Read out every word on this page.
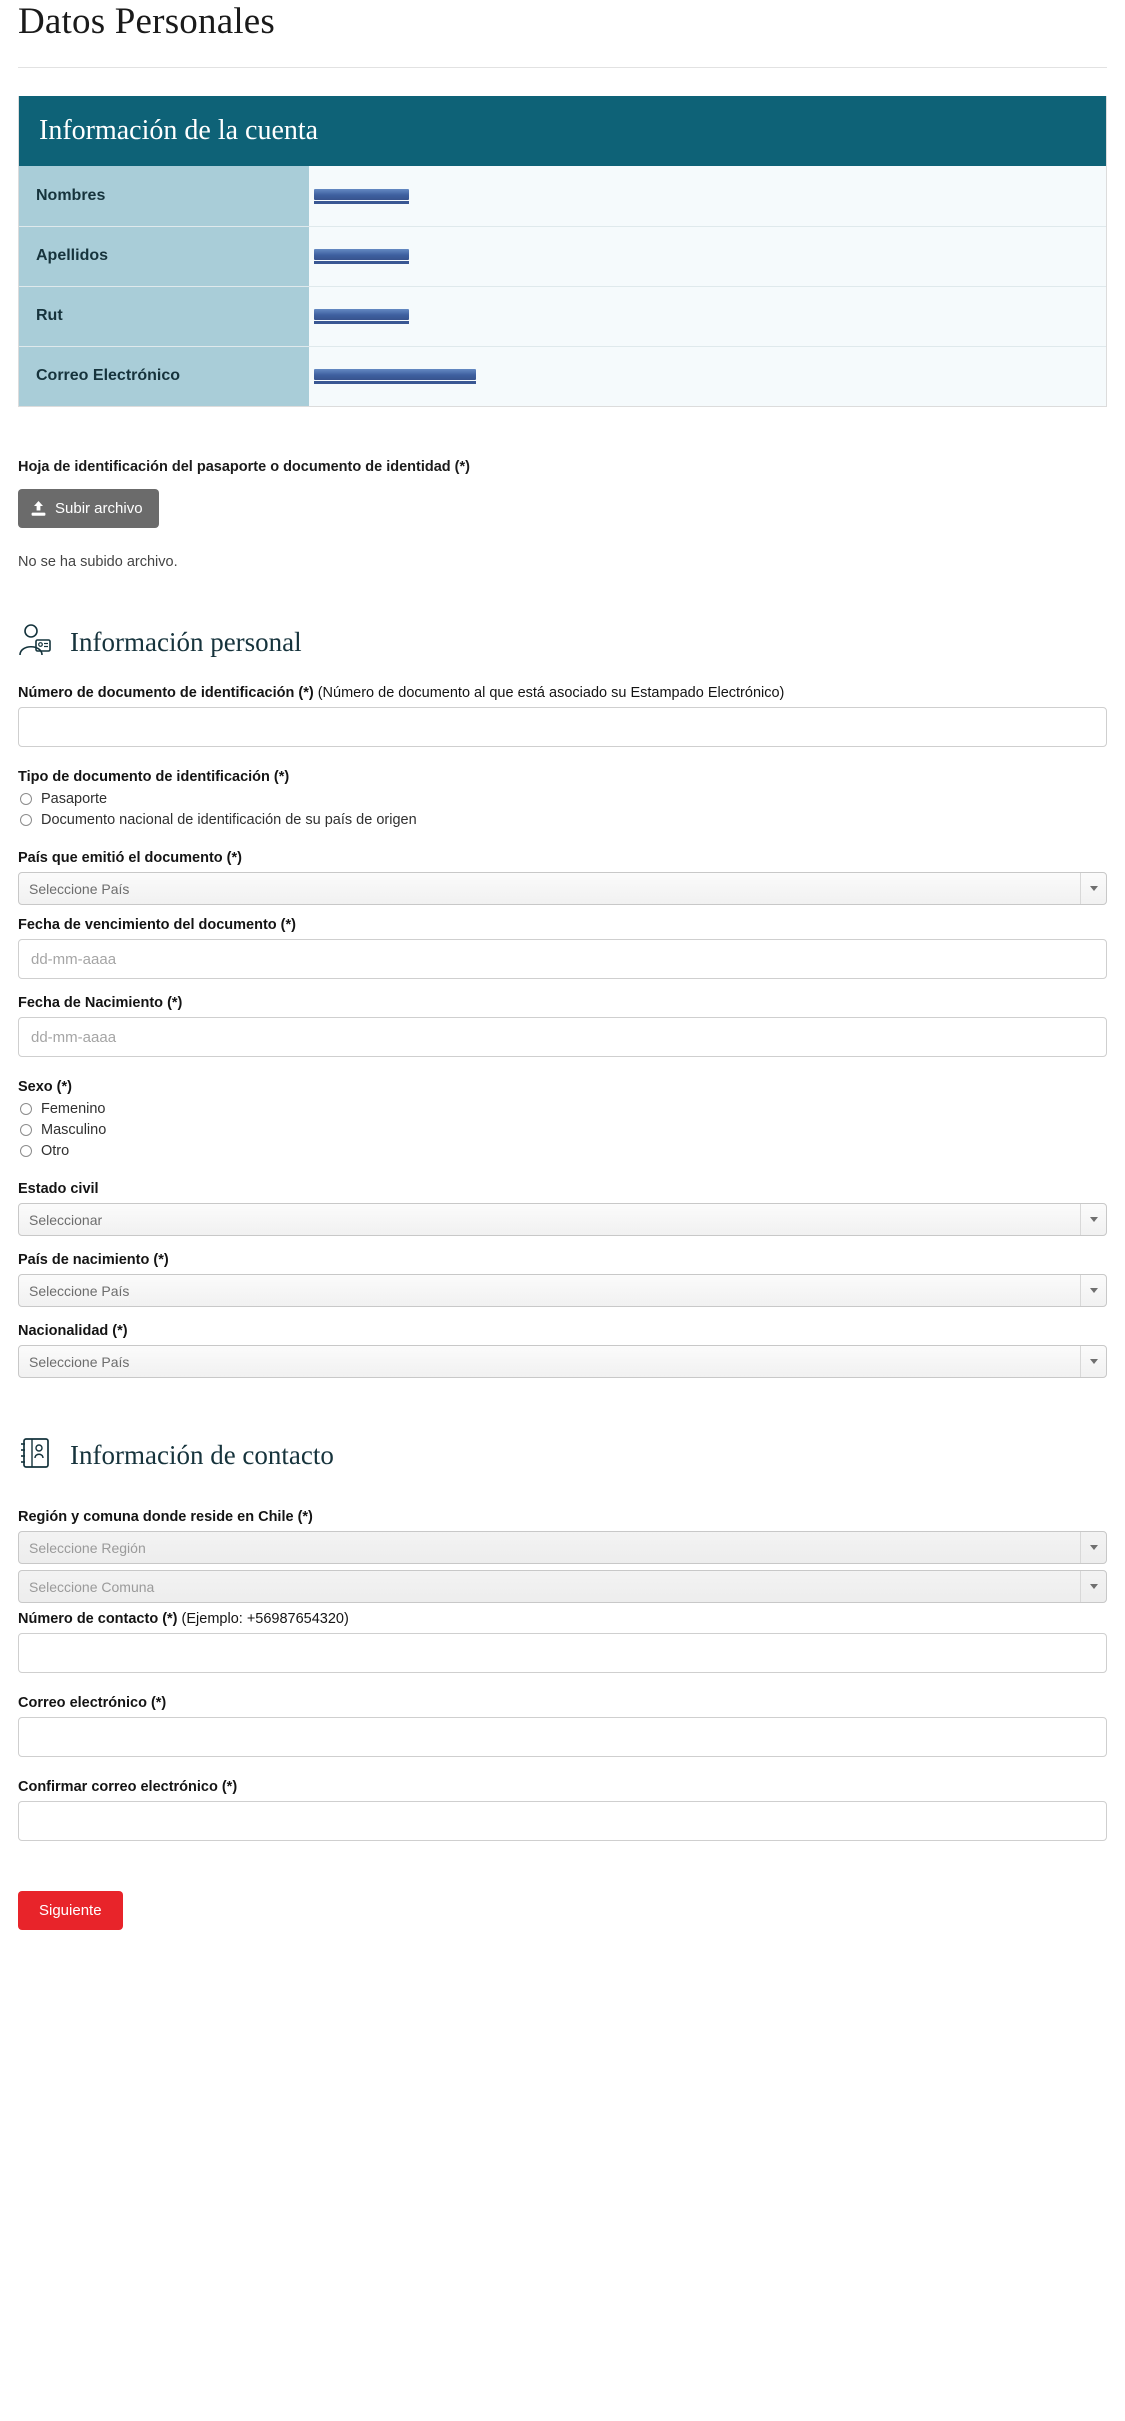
Datos Personales
Información de la cuenta
Nombres	
Apellidos	
Rut	
Correo Electrónico	
Hoja de identificación del pasaporte o documento de identidad (*)
Subir archivo
No se ha subido archivo.
Información personal
Número de documento de identificación (*) (Número de documento al que está asociado su Estampado Electrónico)
Tipo de documento de identificación (*)
Pasaporte
Documento nacional de identificación de su país de origen
País que emitió el documento (*)
Seleccione País
Fecha de vencimiento del documento (*)
dd-mm-aaaa
Fecha de Nacimiento (*)
dd-mm-aaaa
Sexo (*)
Femenino
Masculino
Otro
Estado civil
Seleccionar
País de nacimiento (*)
Seleccione País
Nacionalidad (*)
Seleccione País
Información de contacto
Región y comuna donde reside en Chile (*)
Seleccione Región
Seleccione Comuna
Número de contacto (*) (Ejemplo: +56987654320)
Correo electrónico (*)
Confirmar correo electrónico (*)
Siguiente
